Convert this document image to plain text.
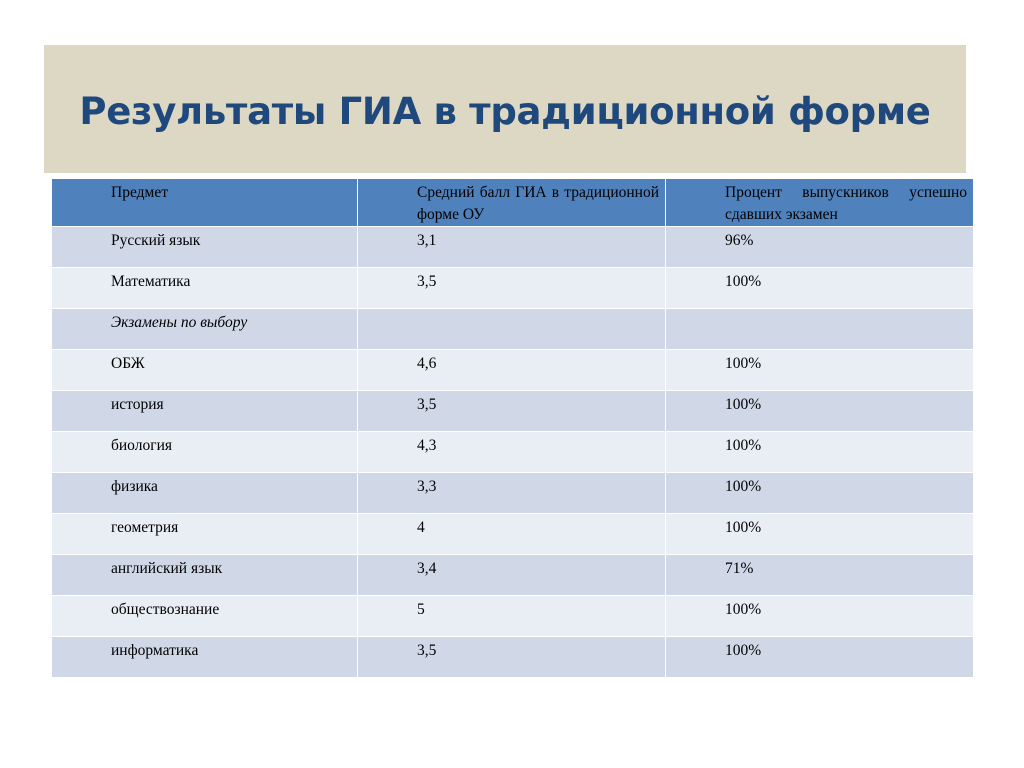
Результаты ГИА в традиционной форме
Предмет	Средний балл ГИА в традиционной форме ОУ	Процент выпускников успешно сдавших экзамен

Русский язык	3,1	96%

Математика	3,5	100%

Экзамены по выбору		

ОБЖ	4,6	100%

история	3,5	100%

биология	4,3	100%

физика	3,3	100%

геометрия	4	100%

английский язык	3,4	71%

обществознание	5	100%

информатика	3,5	100%
